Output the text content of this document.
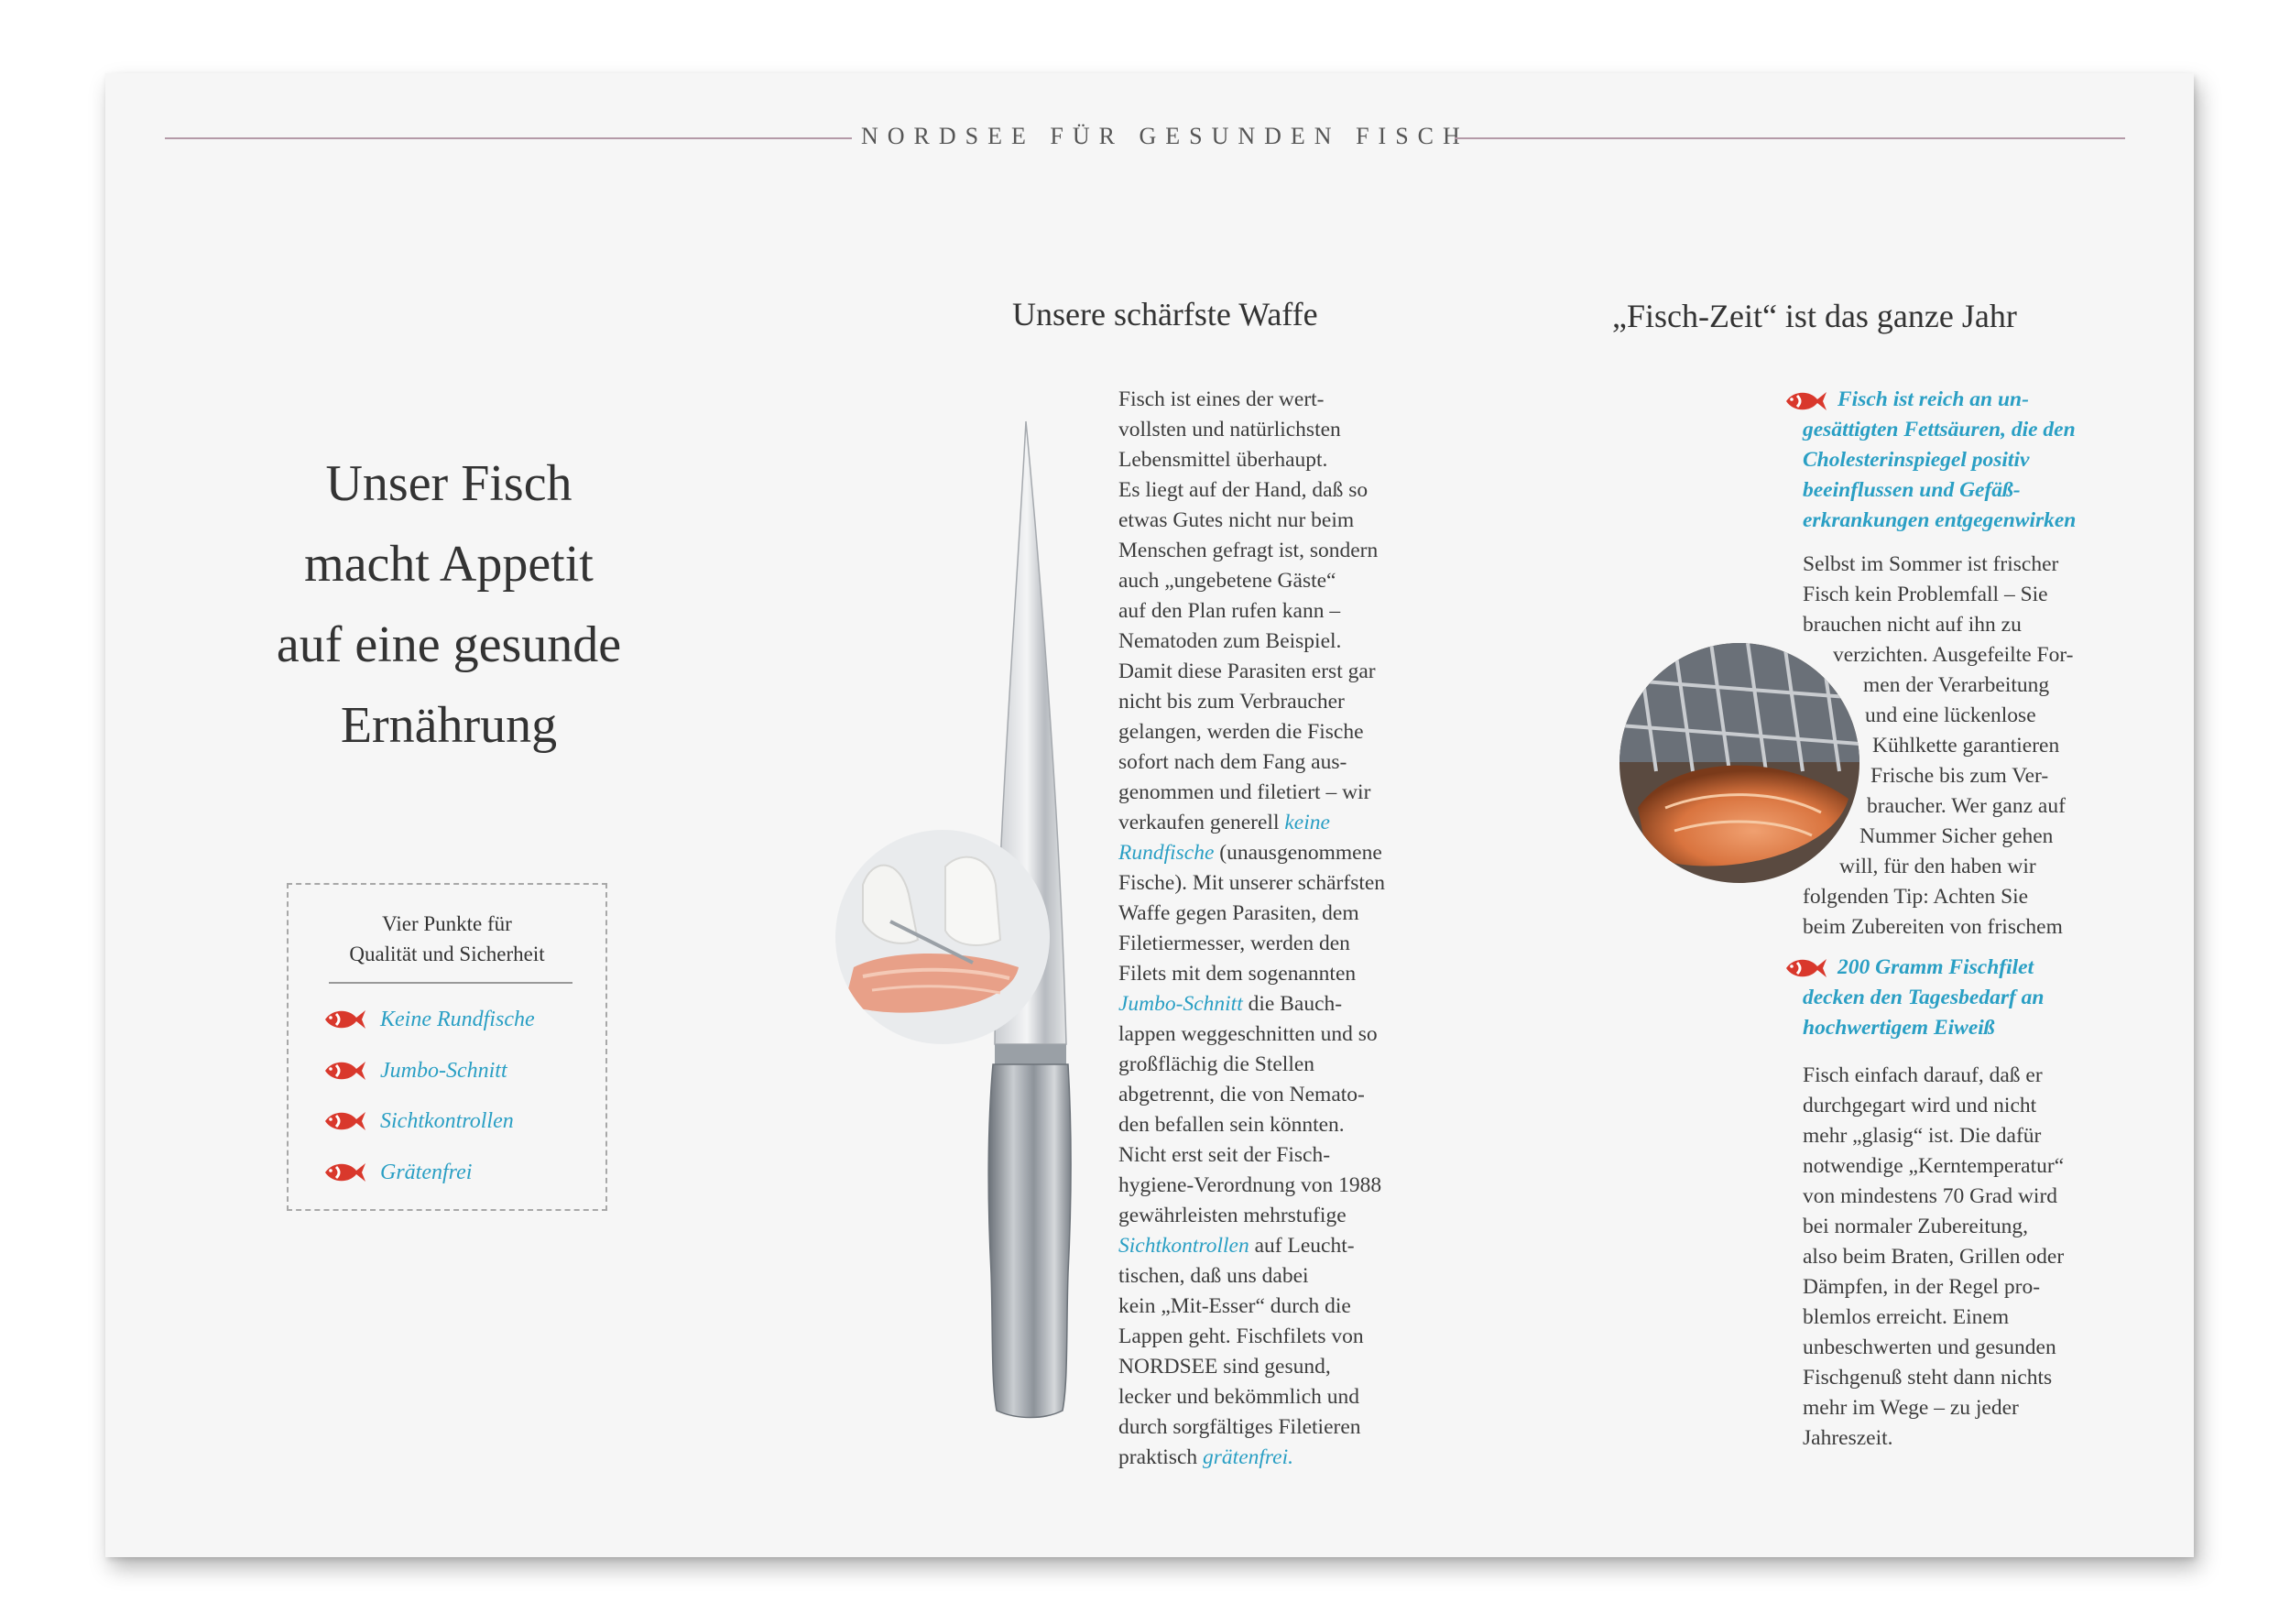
NORDSEE FÜR GESUNDEN FISCH
Unser Fisch
macht Appetit
auf eine gesunde
Ernährung
Vier Punkte für
Qualität und Sicherheit
Keine Rundfische
Jumbo-Schnitt
Sichtkontrollen
Grätenfrei
Unsere schärfste Waffe
Fisch ist eines der wert-
vollsten und natürlichsten
Lebensmittel überhaupt.
Es liegt auf der Hand, daß so
etwas Gutes nicht nur beim
Menschen gefragt ist, sondern
auch „ungebetene Gäste“
auf den Plan rufen kann –
Nematoden zum Beispiel.
Damit diese Parasiten erst gar
nicht bis zum Verbraucher
gelangen, werden die Fische
sofort nach dem Fang aus-
genommen und filetiert – wir
verkaufen generell keine
Rundfische (unausgenommene
Fische). Mit unserer schärfsten
Waffe gegen Parasiten, dem
Filetiermesser, werden den
Filets mit dem sogenannten
Jumbo-Schnitt die Bauch-
lappen weggeschnitten und so
großflächig die Stellen
abgetrennt, die von Nemato-
den befallen sein könnten.
Nicht erst seit der Fisch-
hygiene-Verordnung von 1988
gewährleisten mehrstufige
Sichtkontrollen auf Leucht-
tischen, daß uns dabei
kein „Mit-Esser“ durch die
Lappen geht. Fischfilets von
NORDSEE sind gesund,
lecker und bekömmlich und
durch sorgfältiges Filetieren
praktisch grätenfrei.
„Fisch-Zeit“ ist das ganze Jahr
Fisch ist reich an un-
gesättigten Fettsäuren, die den
Cholesterinspiegel positiv
beeinflussen und Gefäß-
erkrankungen entgegenwirken
Selbst im Sommer ist frischer
Fisch kein Problemfall – Sie
brauchen nicht auf ihn zu
verzichten. Ausgefeilte For-
men der Verarbeitung
und eine lückenlose
Kühlkette garantieren
Frische bis zum Ver-
braucher. Wer ganz auf
Nummer Sicher gehen
will, für den haben wir
folgenden Tip: Achten Sie
beim Zubereiten von frischem
200 Gramm Fischfilet
decken den Tagesbedarf an
hochwertigem Eiweiß
Fisch einfach darauf, daß er
durchgegart wird und nicht
mehr „glasig“ ist. Die dafür
notwendige „Kerntemperatur“
von mindestens 70 Grad wird
bei normaler Zubereitung,
also beim Braten, Grillen oder
Dämpfen, in der Regel pro-
blemlos erreicht. Einem
unbeschwerten und gesunden
Fischgenuß steht dann nichts
mehr im Wege – zu jeder
Jahreszeit.
